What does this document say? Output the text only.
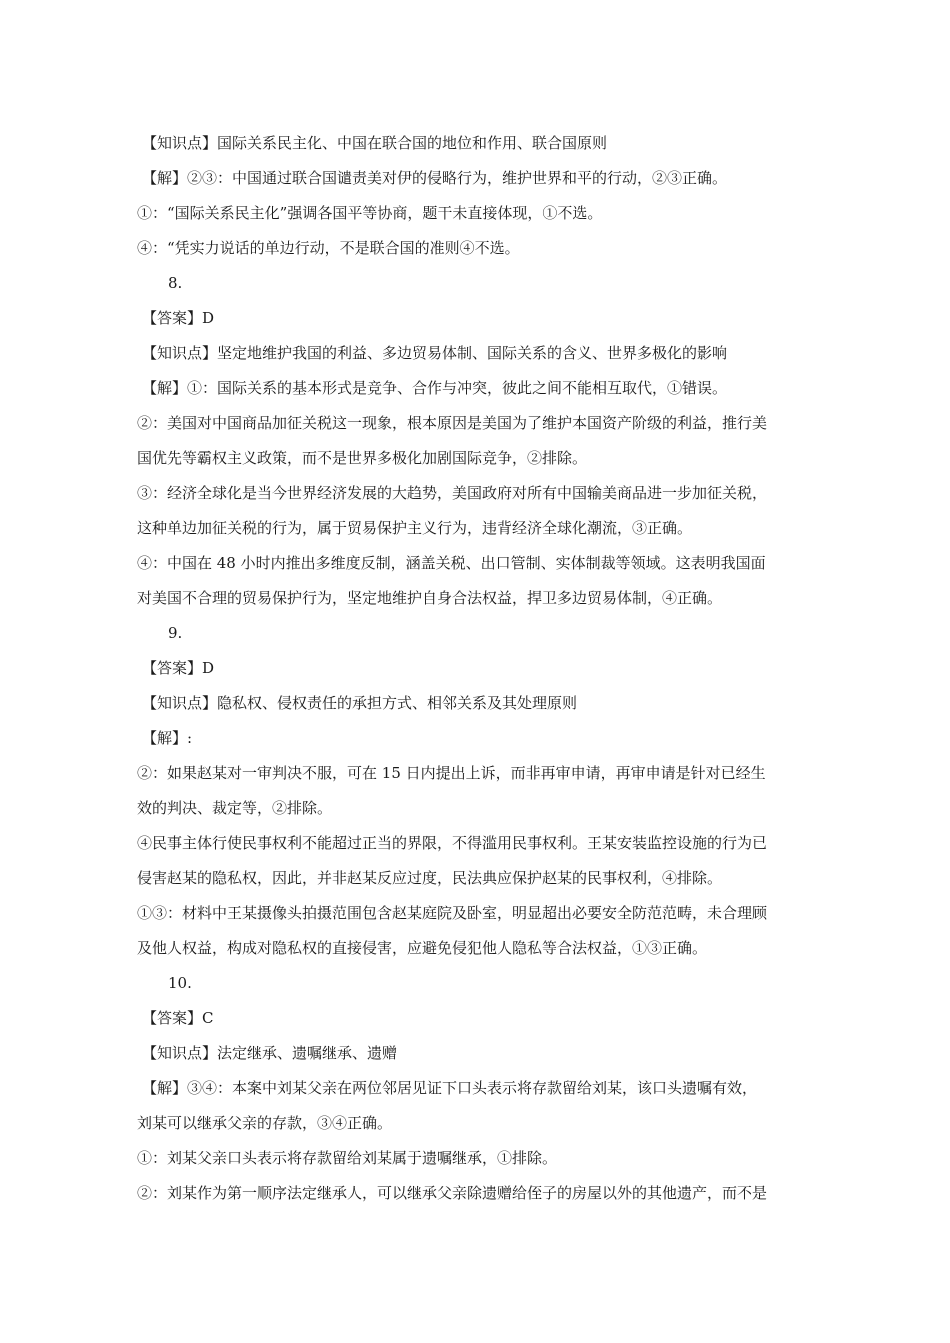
【知识点】国际关系民主化、中国在联合国的地位和作用、联合国原则
【解】②③：中国通过联合国谴责美对伊的侵略行为，维护世界和平的行动，②③正确。
①：“国际关系民主化”强调各国平等协商，题干未直接体现，①不选。
④：“凭实力说话的单边行动，不是联合国的准则④不选。
8.
【答案】D
【知识点】坚定地维护我国的利益、多边贸易体制、国际关系的含义、世界多极化的影响
【解】①：国际关系的基本形式是竞争、合作与冲突，彼此之间不能相互取代，①错误。
②：美国对中国商品加征关税这一现象，根本原因是美国为了维护本国资产阶级的利益，推行美
国优先等霸权主义政策，而不是世界多极化加剧国际竞争，②排除。
③：经济全球化是当今世界经济发展的大趋势，美国政府对所有中国输美商品进一步加征关税，
这种单边加征关税的行为，属于贸易保护主义行为，违背经济全球化潮流，③正确。
④：中国在 48 小时内推出多维度反制，涵盖关税、出口管制、实体制裁等领域。这表明我国面
对美国不合理的贸易保护行为，坚定地维护自身合法权益，捍卫多边贸易体制，④正确。
9.
【答案】D
【知识点】隐私权、侵权责任的承担方式、相邻关系及其处理原则
【解】:
②：如果赵某对一审判决不服，可在 15 日内提出上诉，而非再审申请，再审申请是针对已经生
效的判决、裁定等，②排除。
④民事主体行使民事权利不能超过正当的界限，不得滥用民事权利。王某安装监控设施的行为已
侵害赵某的隐私权，因此，并非赵某反应过度，民法典应保护赵某的民事权利，④排除。
①③：材料中王某摄像头拍摄范围包含赵某庭院及卧室，明显超出必要安全防范范畴，未合理顾
及他人权益，构成对隐私权的直接侵害，应避免侵犯他人隐私等合法权益，①③正确。
10.
【答案】C
【知识点】法定继承、遗嘱继承、遗赠
【解】③④：本案中刘某父亲在两位邻居见证下口头表示将存款留给刘某，该口头遗嘱有效，
刘某可以继承父亲的存款，③④正确。
①：刘某父亲口头表示将存款留给刘某属于遗嘱继承，①排除。
②：刘某作为第一顺序法定继承人，可以继承父亲除遗赠给侄子的房屋以外的其他遗产，而不是
